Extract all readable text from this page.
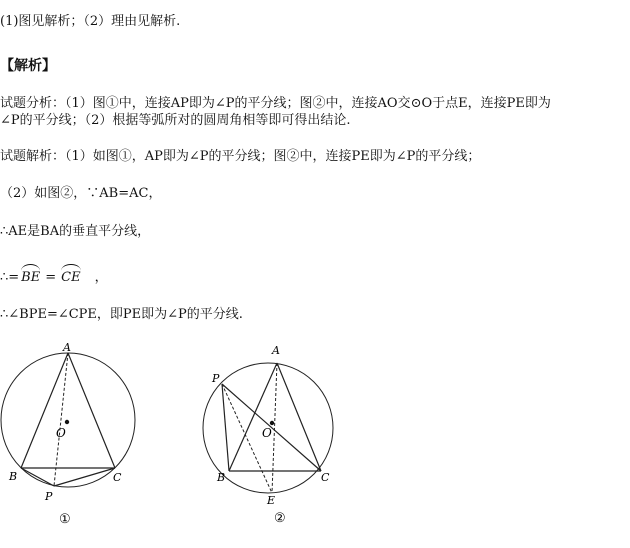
(1)图见解析；（2）理由见解析.
【解析】
试题分析：（1）图①中，连接AP即为∠P的平分线；图②中，连接AO交⊙O于点E，连接PE即为
∠P的平分线；（2）根据等弧所对的圆周角相等即可得出结论.
试题解析：（1）如图①，AP即为∠P的平分线；图②中，连接PE即为∠P的平分线；
（2）如图②，∵AB=AC，
∴AE是BA的垂直平分线，
∴= BE = CE ，
∴∠BPE=∠CPE，即PE即为∠P的平分线.
A
O
B	C
P
①
A
P
O
B	C
E
②
